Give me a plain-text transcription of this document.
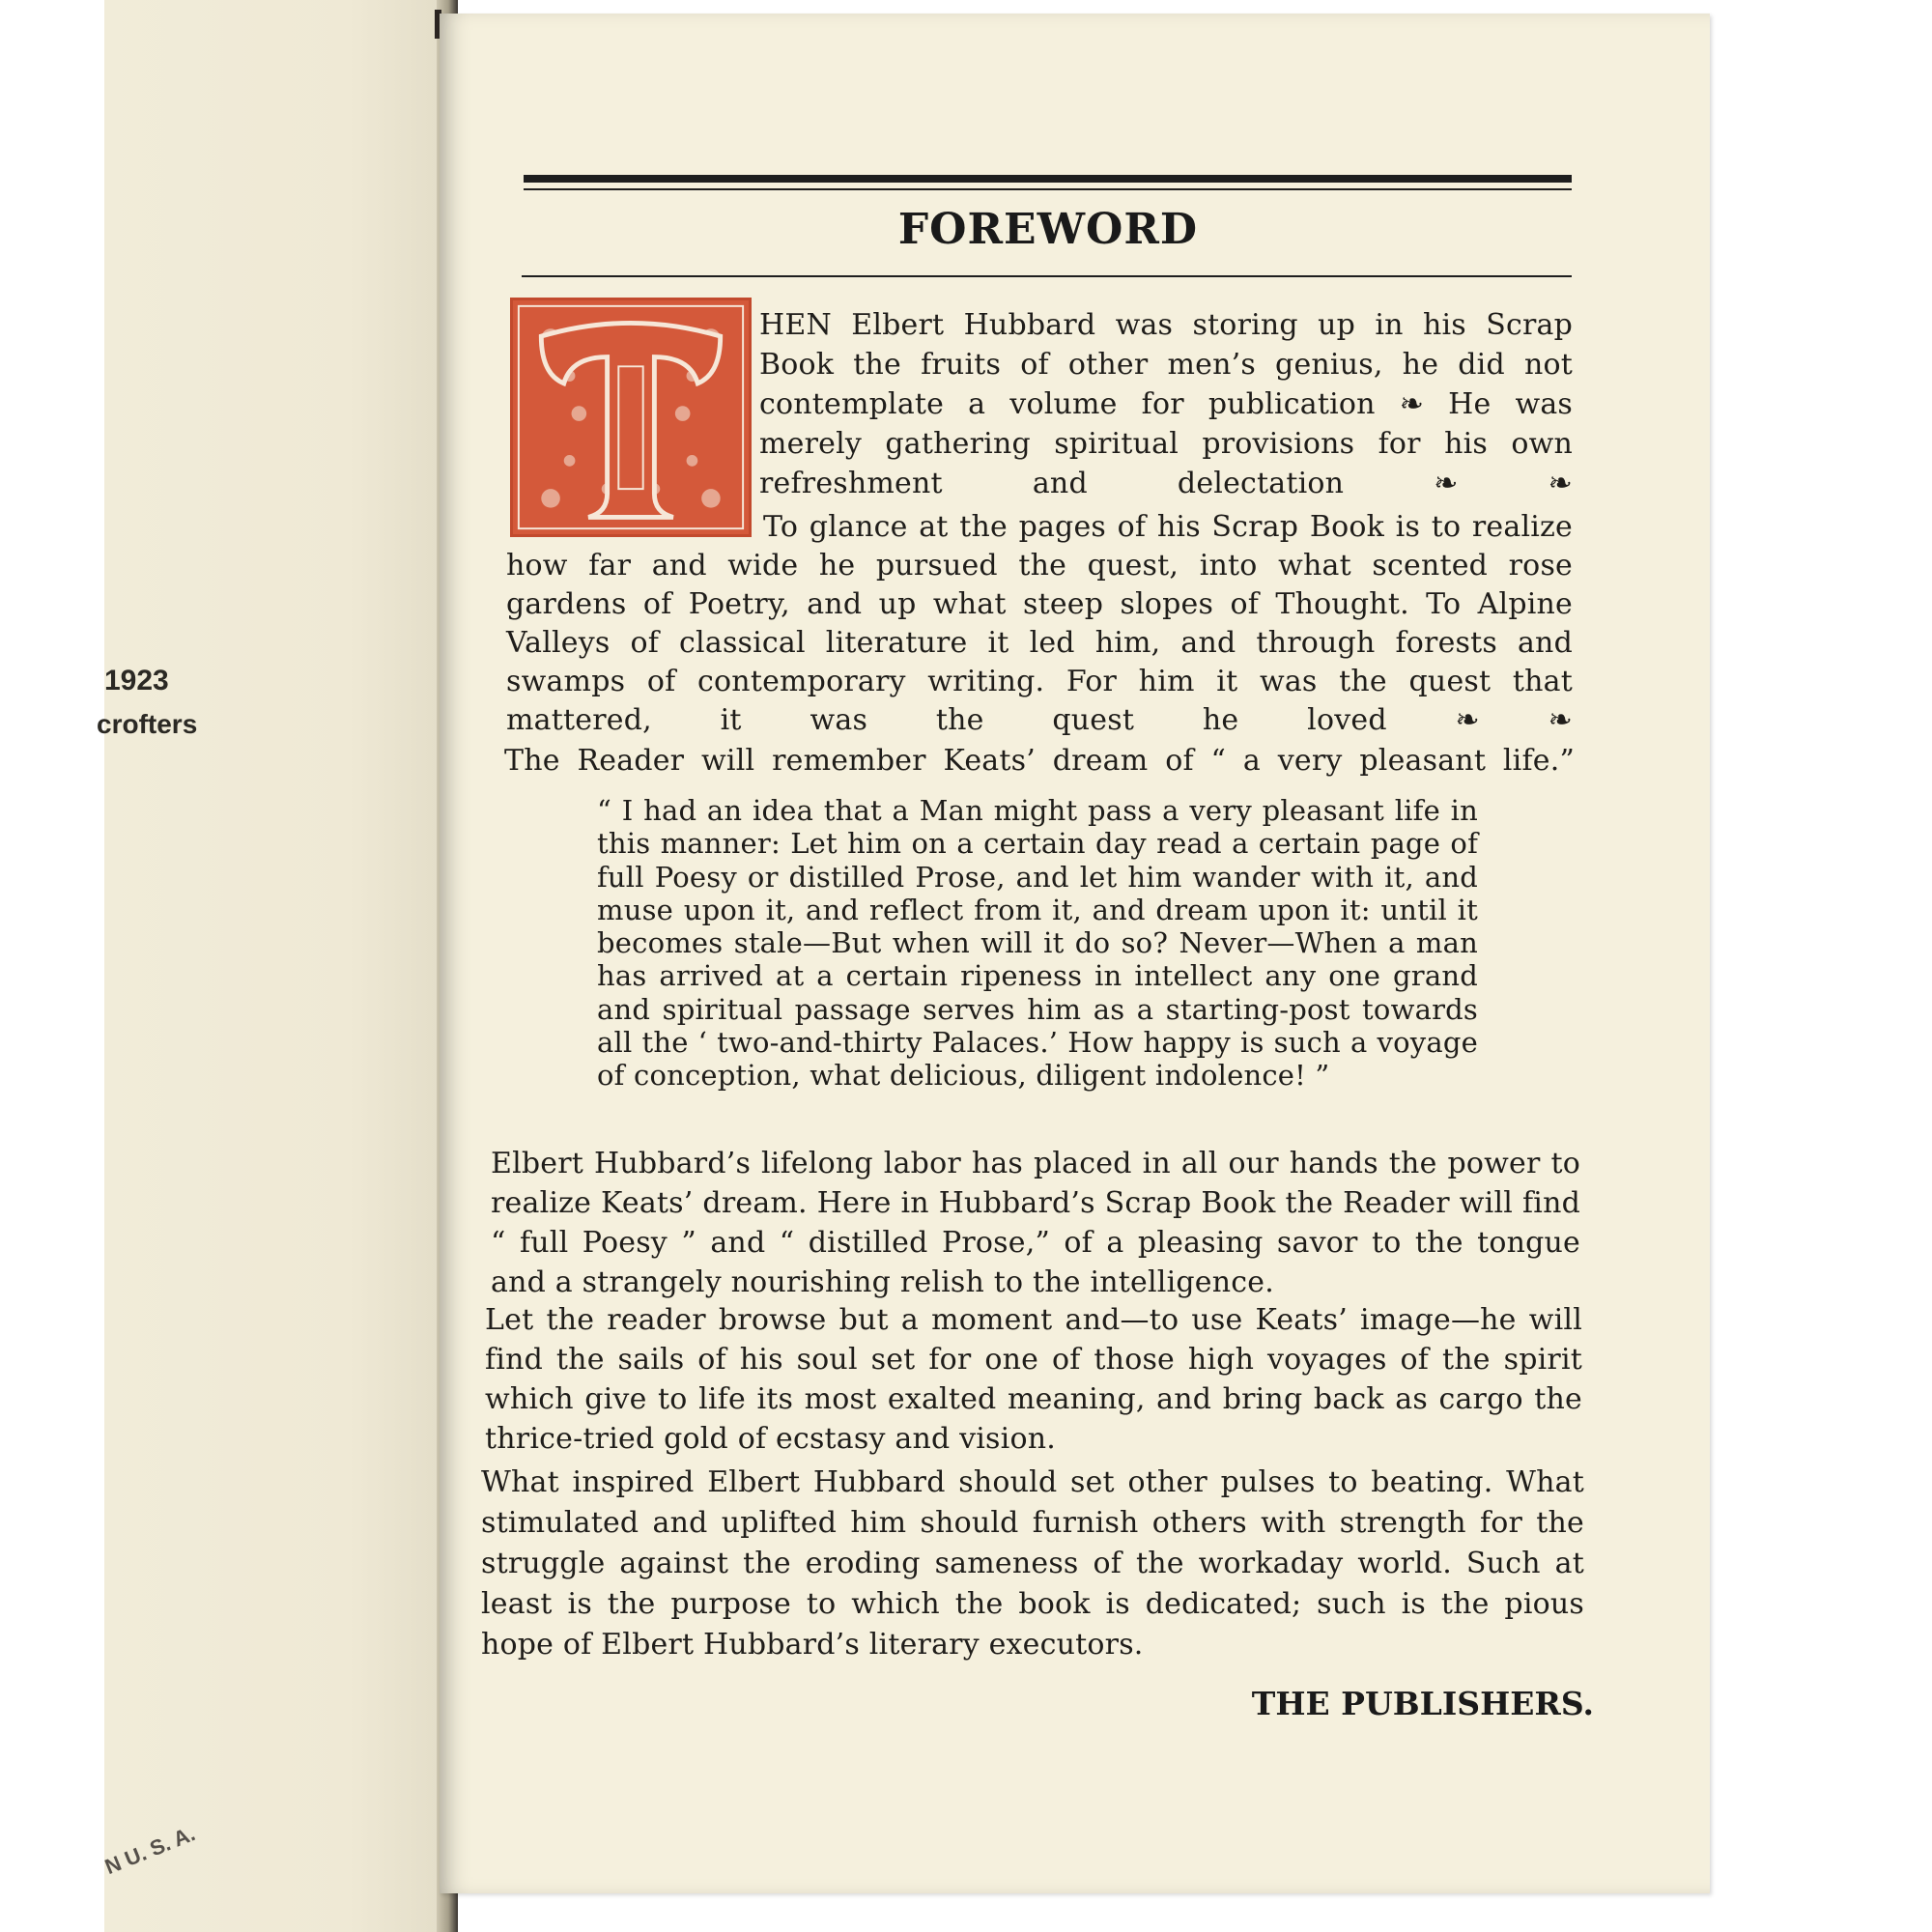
1923
crofters
N U. S. A.
FOREWORD

HEN Elbert Hubbard was storing up in his Scrap Book the fruits of other men’s genius, he did not contemplate a volume for publication ❧ He was merely gathering spiritual provisions for his own refreshment and delectation ❧ ❧

To glance at the pages of his Scrap Book is to realize how far and wide he pursued the quest, into what scented rose gardens of Poetry, and up what steep slopes of Thought. To Alpine Valleys of classical literature it led him, and through forests and swamps of contemporary writing. For him it was the quest that mattered, it was the quest he loved ❧ ❧

The Reader will remember Keats’ dream of “ a very pleasant life.”

“ I had an idea that a Man might pass a very pleasant life in this manner: Let him on a certain day read a certain page of full Poesy or distilled Prose, and let him wander with it, and muse upon it, and reflect from it, and dream upon it: until it becomes stale—But when will it do so? Never—When a man has arrived at a certain ripeness in intellect any one grand and spiritual passage serves him as a starting-post towards all the ‘ two-and-thirty Palaces.’ How happy is such a voyage of conception, what delicious, diligent indolence! ”

Elbert Hubbard’s lifelong labor has placed in all our hands the power to realize Keats’ dream. Here in Hubbard’s Scrap Book the Reader will find “ full Poesy ” and “ distilled Prose,” of a pleasing savor to the tongue and a strangely nourishing relish to the intelligence.

Let the reader browse but a moment and—to use Keats’ image—he will find the sails of his soul set for one of those high voyages of the spirit which give to life its most exalted meaning, and bring back as cargo the thrice-tried gold of ecstasy and vision.

What inspired Elbert Hubbard should set other pulses to beating. What stimulated and uplifted him should furnish others with strength for the struggle against the eroding sameness of the workaday world. Such at least is the purpose to which the book is dedicated; such is the pious hope of Elbert Hubbard’s literary executors.

THE PUBLISHERS.
